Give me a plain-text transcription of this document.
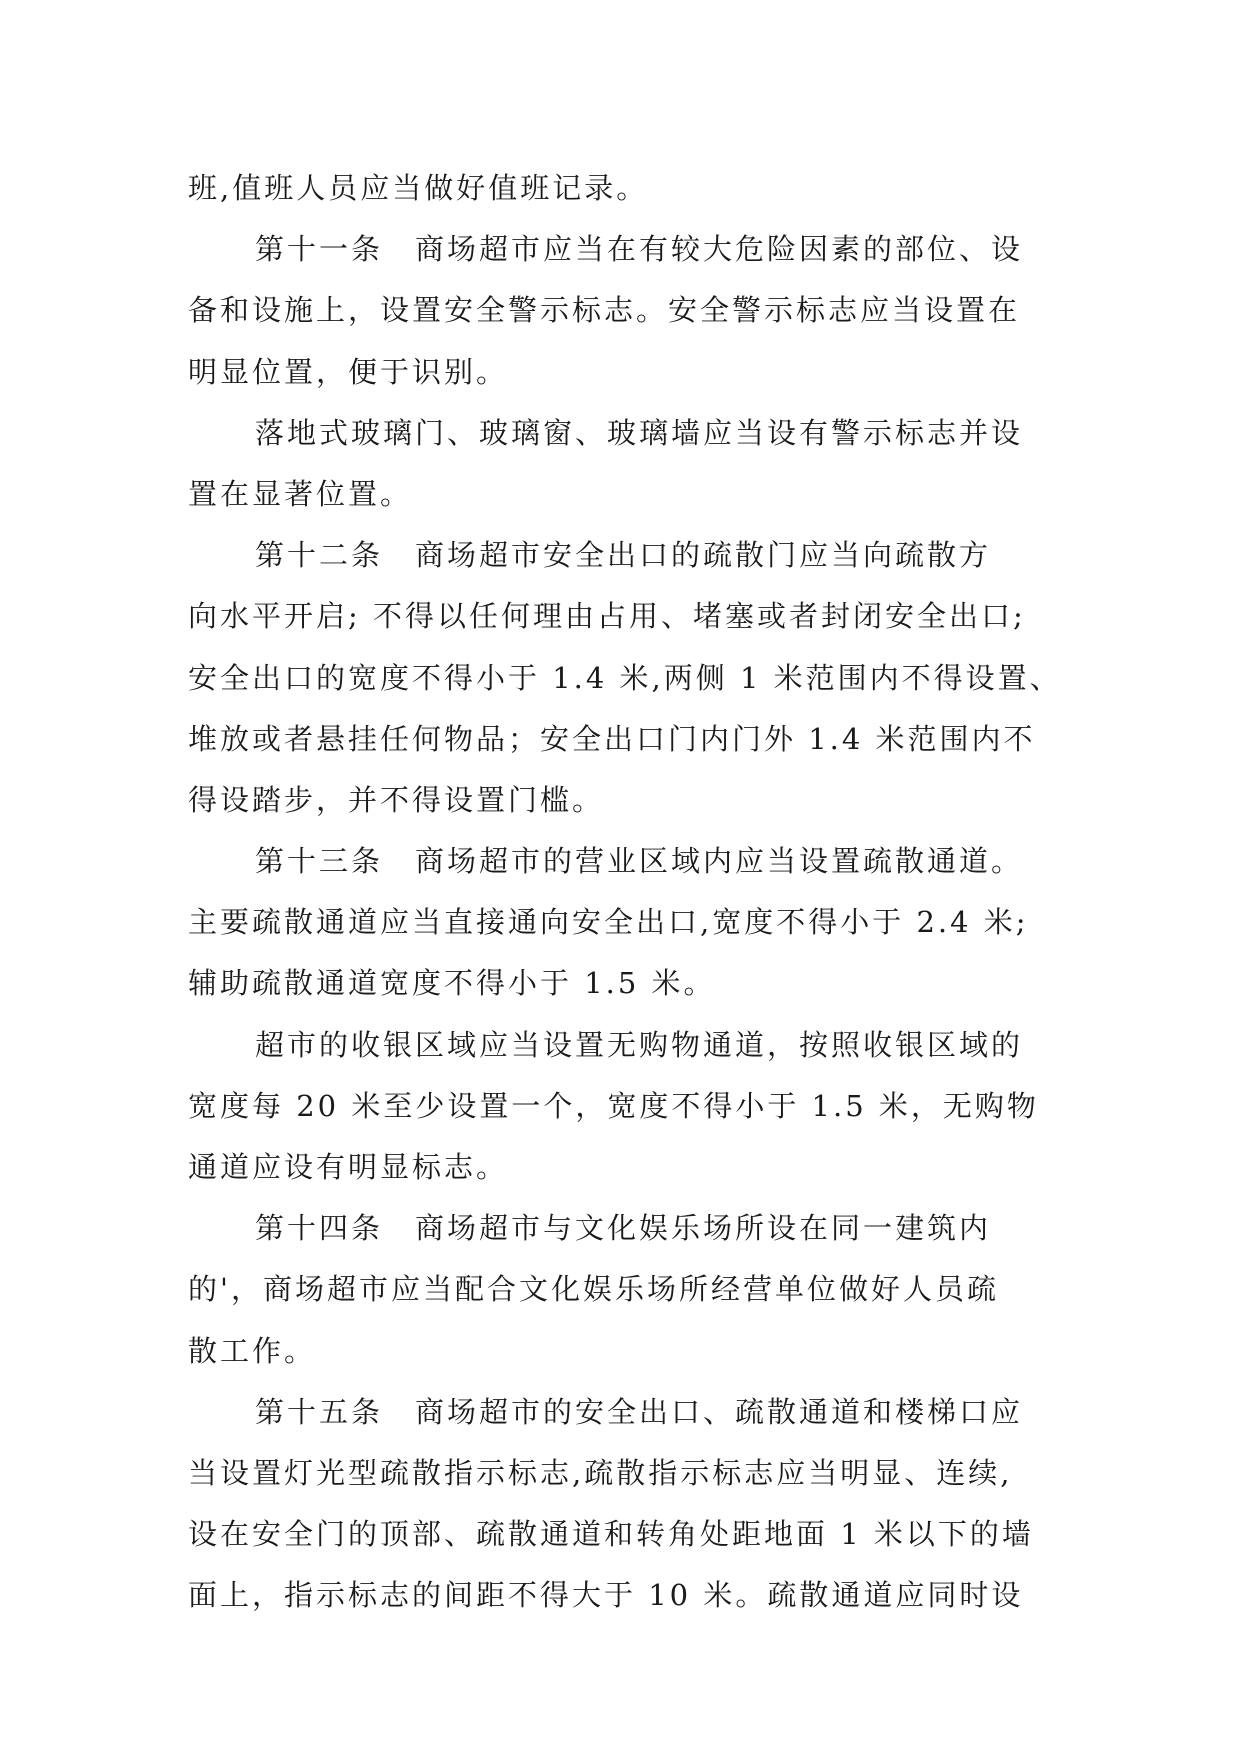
班,值班人员应当做好值班记录。
第十一条　商场超市应当在有较大危险因素的部位、设
备和设施上，设置安全警示标志。安全警示标志应当设置在
明显位置，便于识别。
落地式玻璃门、玻璃窗、玻璃墙应当设有警示标志并设
置在显著位置。
第十二条　商场超市安全出口的疏散门应当向疏散方
向水平开启; 不得以任何理由占用、堵塞或者封闭安全出口;
安全出口的宽度不得小于 1.4 米,两侧 1 米范围内不得设置、
堆放或者悬挂任何物品；安全出口门内门外 1.4 米范围内不
得设踏步，并不得设置门槛。
第十三条　商场超市的营业区域内应当设置疏散通道。
主要疏散通道应当直接通向安全出口,宽度不得小于 2.4 米;
辅助疏散通道宽度不得小于 1.5 米。
超市的收银区域应当设置无购物通道，按照收银区域的
宽度每 20 米至少设置一个，宽度不得小于 1.5 米，无购物
通道应设有明显标志。
第十四条　商场超市与文化娱乐场所设在同一建筑内
的'，商场超市应当配合文化娱乐场所经营单位做好人员疏
散工作。
第十五条　商场超市的安全出口、疏散通道和楼梯口应
当设置灯光型疏散指示标志,疏散指示标志应当明显、连续,
设在安全门的顶部、疏散通道和转角处距地面 1 米以下的墙
面上，指示标志的间距不得大于 10 米。疏散通道应同时设
